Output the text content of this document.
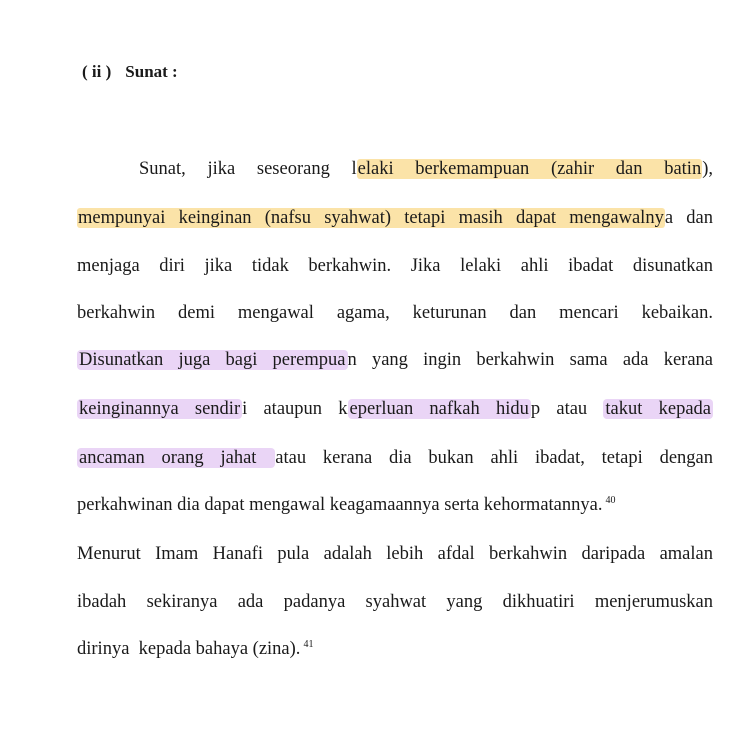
( ii ) Sunat :
Sunat, jika seseorang lelaki berkemampuan (zahir dan batin),
mempunyai keinginan (nafsu syahwat) tetapi masih dapat mengawalnya dan
menjaga diri jika tidak berkahwin. Jika lelaki ahli ibadat disunatkan
berkahwin demi mengawal agama, keturunan dan mencari kebaikan.
Disunatkan juga bagi perempua n yang ingin berkahwin sama ada kerana
keinginannya sendir i ataupun k eperluan nafkah hidu p atau takut kepada
ancaman orang jahat atau kerana dia bukan ahli ibadat, tetapi dengan
perkahwinan dia dapat mengawal keagamaannya serta kehormatannya. $^{40}$
Menurut Imam Hanafi pula adalah lebih afdal berkahwin daripada amalan
ibadah sekiranya ada padanya syahwat yang dikhuatiri menjerumuskan
dirinya  kepada bahaya (zina). $^{41}$
